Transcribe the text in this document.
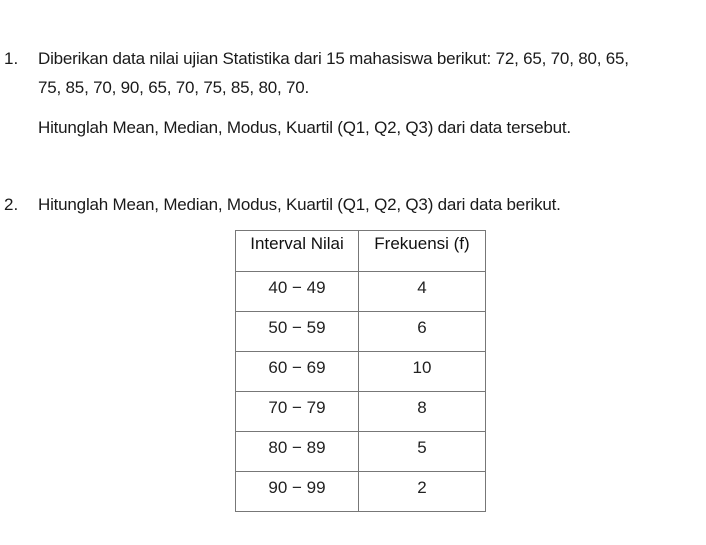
1. Diberikan data nilai ujian Statistika dari 15 mahasiswa berikut: 72, 65, 70, 80, 65,
75, 85, 70, 90, 65, 70, 75, 85, 80, 70.
Hitunglah Mean, Median, Modus, Kuartil (Q1, Q2, Q3) dari data tersebut.
2. Hitunglah Mean, Median, Modus, Kuartil (Q1, Q2, Q3) dari data berikut.
Interval Nilai	Frekuensi (f)
40 − 49	4
50 − 59	6
60 − 69	10
70 − 79	8
80 − 89	5
90 − 99	2
